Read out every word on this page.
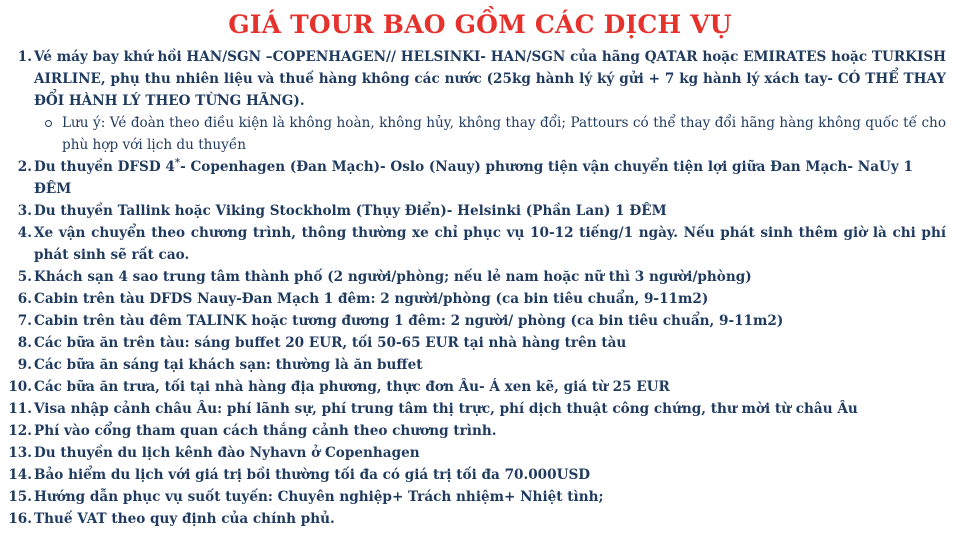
GIÁ TOUR BAO GỒM CÁC DỊCH VỤ
1. Vé máy bay khứ hồi HAN/SGN –COPENHAGEN// HELSINKI- HAN/SGN của hãng QATAR hoặc EMIRATES hoặc TURKISH AIRLINE, phụ thu nhiên liệu và thuế hàng không các nước (25kg hành lý ký gửi + 7 kg hành lý xách tay- CÓ THỂ THAY ĐỔI HÀNH LÝ THEO TỪNG HÃNG).
Lưu ý: Vé đoàn theo điều kiện là không hoàn, không hủy, không thay đổi; Pattours có thể thay đổi hãng hàng không quốc tế cho phù hợp với lịch du thuyền
2. Du thuyền DFSD 4*- Copenhagen (Đan Mạch)- Oslo (Nauy) phương tiện vận chuyển tiện lợi giữa Đan Mạch- NaUy 1 ĐÊM
3. Du thuyền Tallink hoặc Viking Stockholm (Thụy Điển)- Helsinki (Phần Lan) 1 ĐÊM
4. Xe vận chuyển theo chương trình, thông thường xe chỉ phục vụ 10-12 tiếng/1 ngày. Nếu phát sinh thêm giờ là chi phí phát sinh sẽ rất cao.
5. Khách sạn 4 sao trung tâm thành phố (2 người/phòng; nếu lẻ nam hoặc nữ thì 3 người/phòng)
6. Cabin trên tàu DFDS Nauy-Đan Mạch 1 đêm: 2 người/phòng (ca bin tiêu chuẩn, 9-11m2)
7. Cabin trên tàu đêm TALINK hoặc tương đương 1 đêm: 2 người/ phòng (ca bin tiêu chuẩn, 9-11m2)
8. Các bữa ăn trên tàu: sáng buffet 20 EUR, tối 50-65 EUR tại nhà hàng trên tàu
9. Các bữa ăn sáng tại khách sạn: thường là ăn buffet
10. Các bữa ăn trưa, tối tại nhà hàng địa phương, thực đơn Âu- Á xen kẽ, giá từ 25 EUR
11. Visa nhập cảnh châu Âu: phí lãnh sự, phí trung tâm thị trực, phí dịch thuật công chứng, thư mời từ châu Âu
12. Phí vào cổng tham quan cách thắng cảnh theo chương trình.
13. Du thuyền du lịch kênh đào Nyhavn ở Copenhagen
14. Bảo hiểm du lịch với giá trị bồi thường tối đa có giá trị tối đa 70.000USD
15. Hướng dẫn phục vụ suốt tuyến: Chuyên nghiệp+ Trách nhiệm+ Nhiệt tình;
16. Thuế VAT theo quy định của chính phủ.
